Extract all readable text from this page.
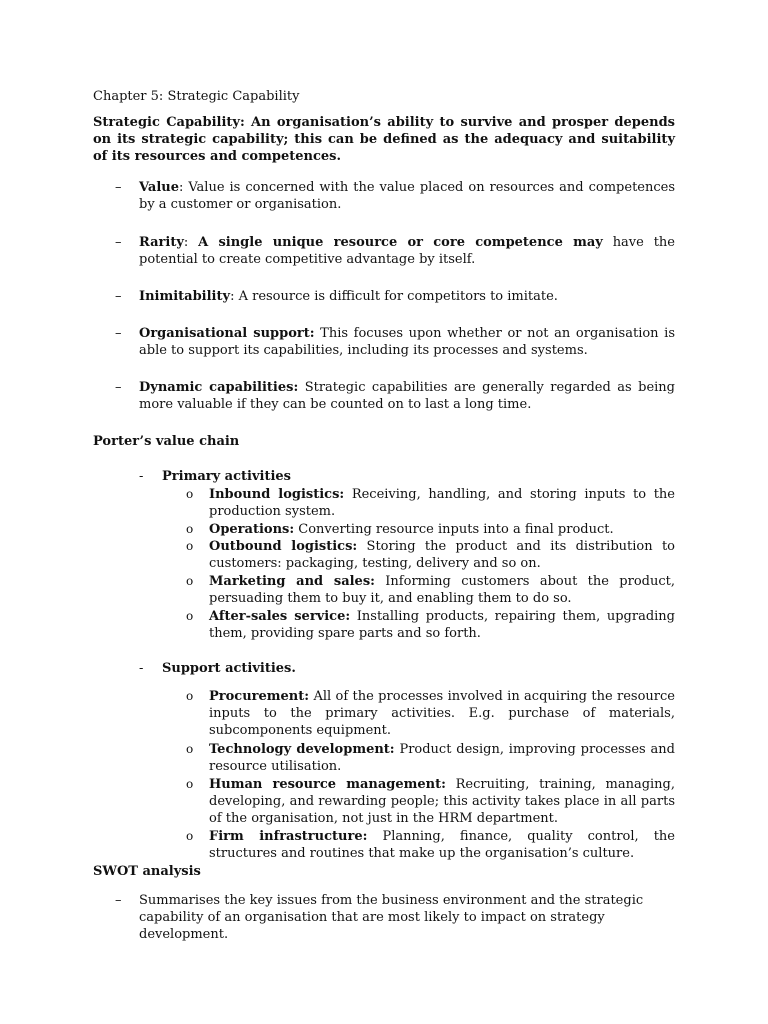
Chapter 5: Strategic Capability
Strategic Capability: An organisation’s ability to survive and prosper depends on its strategic capability; this can be defined as the adequacy and suitability of its resources and competences.
–	Value: Value is concerned with the value placed on resources and competences by a customer or organisation.
–	Rarity: A single unique resource or core competence may have the potential to create competitive advantage by itself.
–	Inimitability: A resource is difficult for competitors to imitate.
–	Organisational support: This focuses upon whether or not an organisation is able to support its capabilities, including its processes and systems.
–	Dynamic capabilities: Strategic capabilities are generally regarded as being more valuable if they can be counted on to last a long time.
Porter’s value chain
- Primary activities
o Inbound logistics: Receiving, handling, and storing inputs to the production system.
o Operations: Converting resource inputs into a final product.
o Outbound logistics: Storing the product and its distribution to customers: packaging, testing, delivery and so on.
o Marketing and sales: Informing customers about the product, persuading them to buy it, and enabling them to do so.
o After-sales service: Installing products, repairing them, upgrading them, providing spare parts and so forth.
- Support activities.
o Procurement: All of the processes involved in acquiring the resource inputs to the primary activities. E.g. purchase of materials, subcomponents equipment.
o Technology development: Product design, improving processes and resource utilisation.
o Human resource management: Recruiting, training, managing, developing, and rewarding people; this activity takes place in all parts of the organisation, not just in the HRM department.
o Firm infrastructure: Planning, finance, quality control, the structures and routines that make up the organisation’s culture.
SWOT analysis
–	Summarises the key issues from the business environment and the strategic capability of an organisation that are most likely to impact on strategy development.
